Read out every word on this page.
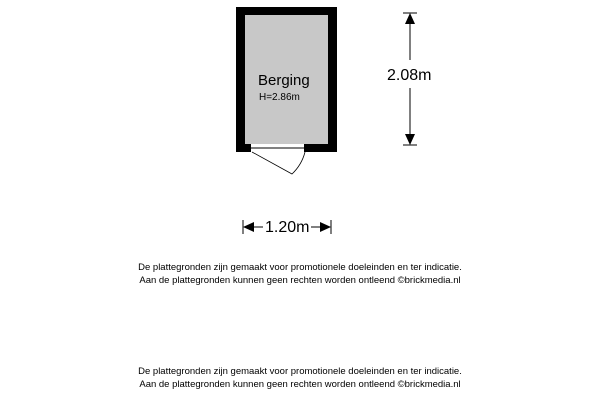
Berging
H=2.86m
2.08m
1.20m
De plattegronden zijn gemaakt voor promotionele doeleinden en ter indicatie.
Aan de plattegronden kunnen geen rechten worden ontleend ©brickmedia.nl
De plattegronden zijn gemaakt voor promotionele doeleinden en ter indicatie.
Aan de plattegronden kunnen geen rechten worden ontleend ©brickmedia.nl
